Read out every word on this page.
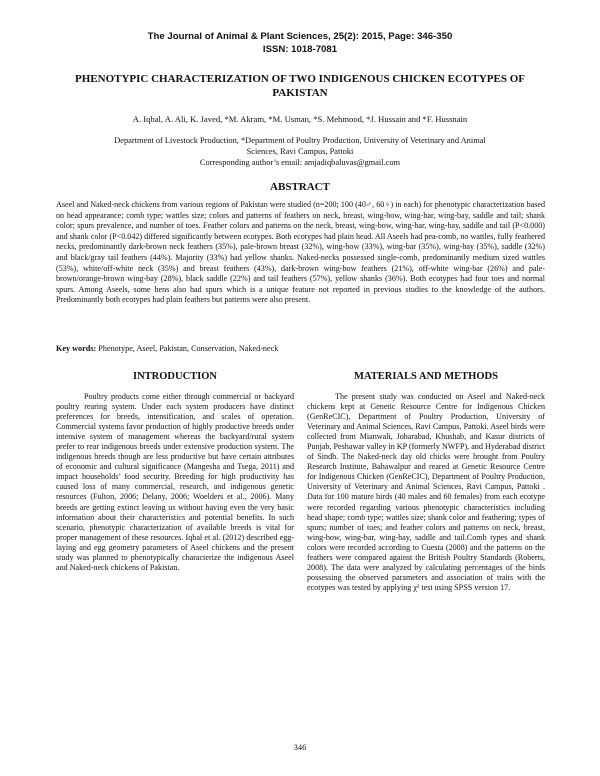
The Journal of Animal & Plant Sciences, 25(2): 2015, Page: 346-350
ISSN: 1018-7081
PHENOTYPIC CHARACTERIZATION OF TWO INDIGENOUS CHICKEN ECOTYPES OF PAKISTAN
A. Iqbal, A. Ali, K. Javed, *M. Akram, *M. Usman, *S. Mehmood, *J. Hussain and *F. Hussnain
Department of Livestock Production, *Department of Poultry Production, University of Veterinary and Animal
Sciences, Ravi Campus, Pattoki
Corresponding author’s email: amjadiqbaluvas@gmail.com
ABSTRACT

Aseel and Naked-neck chickens from various regions of Pakistan were studied (n=200; 100 (40♂, 60♀) in each) for phenotypic characterization based on head appearance; comb type; wattles size; colors and patterns of feathers on neck, breast, wing-bow, wing-bar, wing-bay, saddle and tail; shank color; spurs prevalence, and number of toes. Feather colors and patterns on the neck, breast, wing-bow, wing-bar, wing-bay, saddle and tail (P<0.000) and shank color (P<0.042) differed significantly between ecotypes. Both ecotypes had plain head. All Aseels had pea-comb, no wattles, fully feathered necks, predominantly dark-brown neck feathers (35%), pale-brown breast (32%), wing-bow (33%), wing-bar (35%), wing-bay (35%), saddle (32%) and black/gray tail feathers (44%). Majority (33%) had yellow shanks. Naked-necks possessed single-comb, predominantly medium sized wattles (53%), white/off-white neck (35%) and breast feathers (43%), dark-brown wing-bow feathers (21%), off-white wing-bar (26%) and pale-brown/orange-brown wing-bay (28%), black saddle (22%) and tail feathers (57%), yellow shanks (36%). Both ecotypes had four toes and normal spurs. Among Aseels, some hens also had spurs which is a unique feature not reported in previous studies to the knowledge of the authors. Predominantly both ecotypes had plain feathers but patterns were also present.

Key words: Phenotype, Aseel, Pakistan, Conservation, Naked-neck
INTRODUCTION	MATERIALS AND METHODS

Poultry products come either through commercial or backyard poultry rearing system. Under each system producers have distinct preferences for breeds, intensification, and scales of operation. Commercial systems favor production of highly productive breeds under intensive system of management whereas the backyard/rural system prefer to rear indigenous breeds under extensive production system. The indigenous breeds though are less productive but have certain attributes of economic and cultural significance (Mangesha and Tsega, 2011) and impact households’ food security. Breeding for high productivity has caused loss of many commercial, research, and indigenous genetic resources (Fulton, 2006; Delany, 2006; Woelders et al., 2006). Many breeds are getting extinct leaving us without having even the very basic information about their characteristics and potential benefits. In such scenario, phenotypic characterization of available breeds is vital for proper management of these resources. Iqbal et al. (2012) described egg-laying and egg geometry parameters of Aseel chickens and the present study was planned to phenotypically characterize the indigenous Aseel and Naked-neck chickens of Pakistan.

The present study was conducted on Aseel and Naked-neck chickens kept at Genetic Resource Centre for Indigenous Chicken (GenReCIC), Department of Poultry Production, University of Veterinary and Animal Sciences, Ravi Campus, Pattoki. Aseel birds were collected from Mianwali, Joharabad, Khushab, and Kasur districts of Punjab, Peshawar valley in KP (formerly NWFP), and Hyderabad district of Sindh. The Naked-neck day old chicks were brought from Poultry Research Institute, Bahawalpur and reared at Genetic Resource Centre for Indigenous Chicken (GenReCIC), Department of Poultry Production, University of Veterinary and Animal Sciences, Ravi Campus, Pattoki . Data for 100 mature birds (40 males and 60 females) from each ecotype were recorded regarding various phenotypic characteristics including head shape; comb type; wattles size; shank color and feathering; types of spurs; number of toes; and feather colors and patterns on neck, breast, wing-bow, wing-bar, wing-bay, saddle and tail.Comb types and shank colors were recorded according to Cuesta (2008) and the patterns on the feathers were compared against the British Poultry Standards (Roberts, 2008). The data were analyzed by calculating percentages of the birds possessing the observed parameters and association of traits with the ecotypes was tested by applying χ² test using SPSS version 17.

346
